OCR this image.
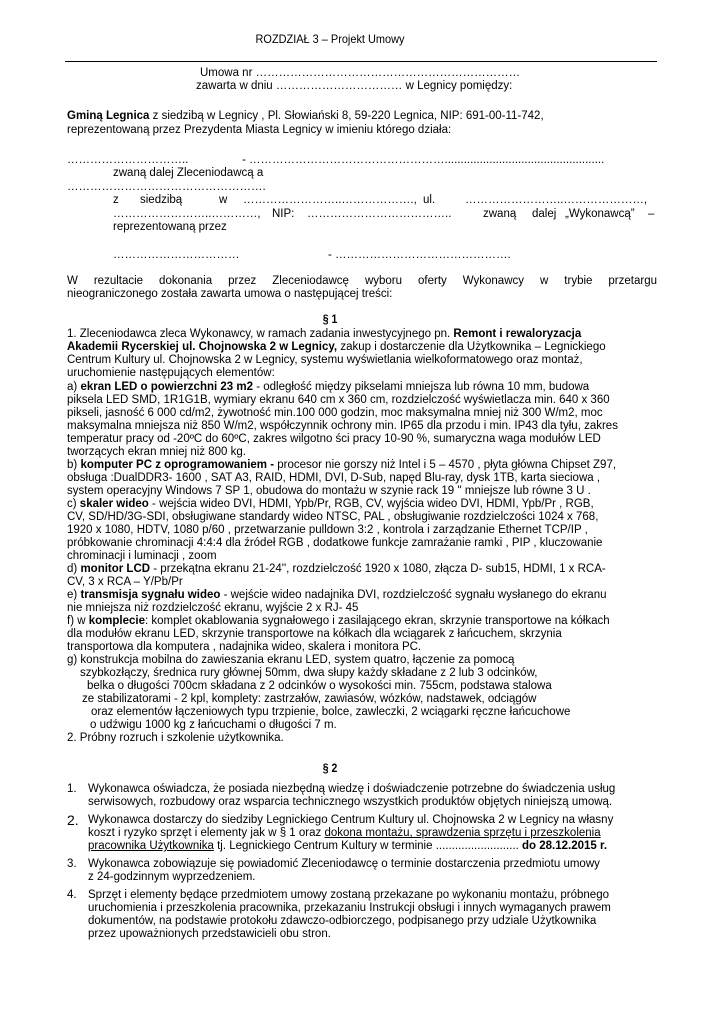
ROZDZIAŁ 3 – Projekt Umowy
Umowa nr ……………………………………………………………
zawarta w dniu …………………………… w Legnicy pomiędzy:
Gminą Legnica z siedzibą w Legnicy , Pl. Słowiański 8, 59-220 Legnica, NIP: 691-00-11-742,
reprezentowaną przez Prezydenta Miasta Legnicy w imieniu którego działa:
…………………………..	- ……………………………………………..................................................
zwaną dalej Zleceniodawcą a
…………………………………………….
z siedzibą	w ……………………..………………., ul.	……………………..…………………,
……………………..…………, NIP: ………………………………..	zwaną dalej „Wykonawcą” –
reprezentowaną przez
……………………………	- ……………………………………….
W rezultacie dokonania przez Zleceniodawcę wyboru oferty Wykonawcy w trybie przetargu
nieograniczonego została zawarta umowa o następującej treści:
§ 1
1. Zleceniodawca zleca Wykonawcy, w ramach zadania inwestycyjnego pn. Remont i rewaloryzacja
Akademii Rycerskiej ul. Chojnowska 2 w Legnicy, zakup i dostarczenie dla Użytkownika – Legnickiego
Centrum Kultury ul. Chojnowska 2 w Legnicy, systemu wyświetlania wielkoformatowego oraz montaż,
uruchomienie następujących elementów:
a) ekran LED o powierzchni 23 m2 - odległość między pikselami mniejsza lub równa 10 mm, budowa
piksela LED SMD, 1R1G1B, wymiary ekranu 640 cm x 360 cm, rozdzielczość wyświetlacza min. 640 x 360
pikseli, jasność 6 000 cd/m2, żywotność min.100 000 godzin, moc maksymalna mniej niż 300 W/m2, moc
maksymalna mniejsza niż 850 W/m2, współczynnik ochrony min. IP65 dla przodu i min. IP43 dla tyłu, zakres
temperatur pracy od -20ºC do 60ºC, zakres wilgotno ści pracy 10-90 %, sumaryczna waga modułów LED
tworzących ekran mniej niż 800 kg.
b) komputer PC z oprogramowaniem - procesor nie gorszy niż Intel i 5 – 4570 , płyta główna Chipset Z97,
obsługa :DualDDR3- 1600 , SAT A3, RAID, HDMI, DVI, D-Sub, napęd Blu-ray, dysk 1TB, karta sieciowa ,
system operacyjny Windows 7 SP 1, obudowa do montażu w szynie rack 19 '' mniejsze lub równe 3 U .
c) skaler wideo - wejścia wideo DVI, HDMI, Ypb/Pr, RGB, CV, wyjścia wideo DVI, HDMI, Ypb/Pr , RGB,
CV, SD/HD/3G-SDI, obsługiwane standardy wideo NTSC, PAL , obsługiwanie rozdzielczości 1024 x 768,
1920 x 1080, HDTV, 1080 p/60 , przetwarzanie pulldown 3:2 , kontrola i zarządzanie Ethernet TCP/IP ,
próbkowanie chrominacji 4:4:4 dla źródeł RGB , dodatkowe funkcje zamrażanie ramki , PIP , kluczowanie
chrominacji i luminacji , zoom
d) monitor LCD - przekątna ekranu 21-24'', rozdzielczość 1920 x 1080, złącza D- sub15, HDMI, 1 x RCA-
CV, 3 x RCA – Y/Pb/Pr
e) transmisja sygnału wideo - wejście wideo nadajnika DVI, rozdzielczość sygnału wysłanego do ekranu
nie mniejsza niż rozdzielczość ekranu, wyjście 2 x RJ- 45
f) w komplecie: komplet okablowania sygnałowego i zasilającego ekran, skrzynie transportowe na kółkach
dla modułów ekranu LED, skrzynie transportowe na kółkach dla wciągarek z łańcuchem, skrzynia
transportowa dla komputera , nadajnika wideo, skalera i monitora PC.
g) konstrukcja mobilna do zawieszania ekranu LED, system quatro, łączenie za pomocą
szybkozłączy, średnica rury głównej 50mm, dwa słupy każdy składane z 2 lub 3 odcinków,
belka o długości 700cm składana z 2 odcinków o wysokości min. 755cm, podstawa stalowa
ze stabilizatorami - 2 kpl, komplety: zastrzałów, zawiasów, wózków, nadstawek, odciągów
oraz elementów łączeniowych typu trzpienie, bolce, zawleczki, 2 wciągarki ręczne łańcuchowe
o udźwigu 1000 kg z łańcuchami o długości 7 m.
2. Próbny rozruch i szkolenie użytkownika.
§ 2
1. Wykonawca oświadcza, że posiada niezbędną wiedzę i doświadczenie potrzebne do świadczenia usług
serwisowych, rozbudowy oraz wsparcia technicznego wszystkich produktów objętych niniejszą umową.
2. Wykonawca dostarczy do siedziby Legnickiego Centrum Kultury ul. Chojnowska 2 w Legnicy na własny
koszt i ryzyko sprzęt i elementy jak w § 1 oraz dokona montażu, sprawdzenia sprzętu i przeszkolenia
pracownika Użytkownika tj. Legnickiego Centrum Kultury w terminie .......................... do 28.12.2015 r.
3. Wykonawca zobowiązuje się powiadomić Zleceniodawcę o terminie dostarczenia przedmiotu umowy
z 24-godzinnym wyprzedzeniem.
4. Sprzęt i elementy będące przedmiotem umowy zostaną przekazane po wykonaniu montażu, próbnego
uruchomienia i przeszkolenia pracownika, przekazaniu Instrukcji obsługi i innych wymaganych prawem
dokumentów, na podstawie protokołu zdawczo-odbiorczego, podpisanego przy udziale Użytkownika
przez upoważnionych przedstawicieli obu stron.
